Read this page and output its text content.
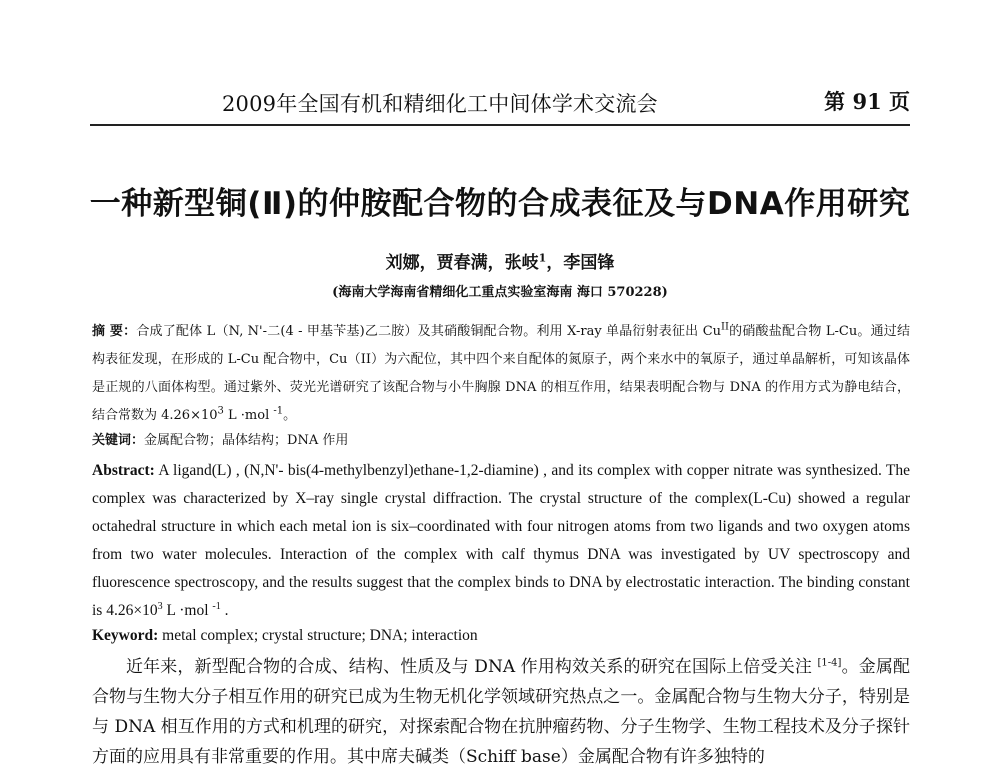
2009年全国有机和精细化工中间体学术交流会	第 91 页
一种新型铜(Ⅱ)的仲胺配合物的合成表征及与DNA作用研究
刘娜，贾春满，张岐$^1$，李国锋
(海南大学海南省精细化工重点实验室海南 海口 570228)
摘 要：合成了配体 L（N, N'-二(4 - 甲基苄基)乙二胺）及其硝酸铜配合物。利用 X-ray 单晶衍射表征出 $Cu^{II}$的硝酸盐配合物 L-Cu。通过结构表征发现，在形成的 L-Cu 配合物中，Cu（II）为六配位，其中四个来自配体的氮原子，两个来水中的氧原子，通过单晶解析，可知该晶体是正规的八面体构型。通过紫外、荧光光谱研究了该配合物与小牛胸腺 DNA 的相互作用，结果表明配合物与 DNA 的作用方式为静电结合，结合常数为 $4.26\times 10^3$ L ·mol $^{-1}$。
关键词：金属配合物；晶体结构；DNA 作用
Abstract: A ligand(L) , (N,N'- bis(4-methylbenzyl)ethane-1,2-diamine) , and its complex with copper nitrate was synthesized. The complex was characterized by X–ray single crystal diffraction. The crystal structure of the complex(L-Cu) showed a regular octahedral structure in which each metal ion is six–coordinated with four nitrogen atoms from two ligands and two oxygen atoms from two water molecules. Interaction of the complex with calf thymus DNA was investigated by UV spectroscopy and fluorescence spectroscopy, and the results suggest that the complex binds to DNA by electrostatic interaction. The binding constant is $4.26\times 10^3$ L ·mol $^{-1}$ .
Keyword: metal complex; crystal structure; DNA; interaction
近年来，新型配合物的合成、结构、性质及与 DNA 作用构效关系的研究在国际上倍受关注 [1-4]。金属配合物与生物大分子相互作用的研究已成为生物无机化学领域研究热点之一。金属配合物与生物大分子，特别是与 DNA 相互作用的方式和机理的研究，对探索配合物在抗肿瘤药物、分子生物学、生物工程技术及分子探针方面的应用具有非常重要的作用。其中席夫碱类（Schiff base）金属配合物有许多独特的
